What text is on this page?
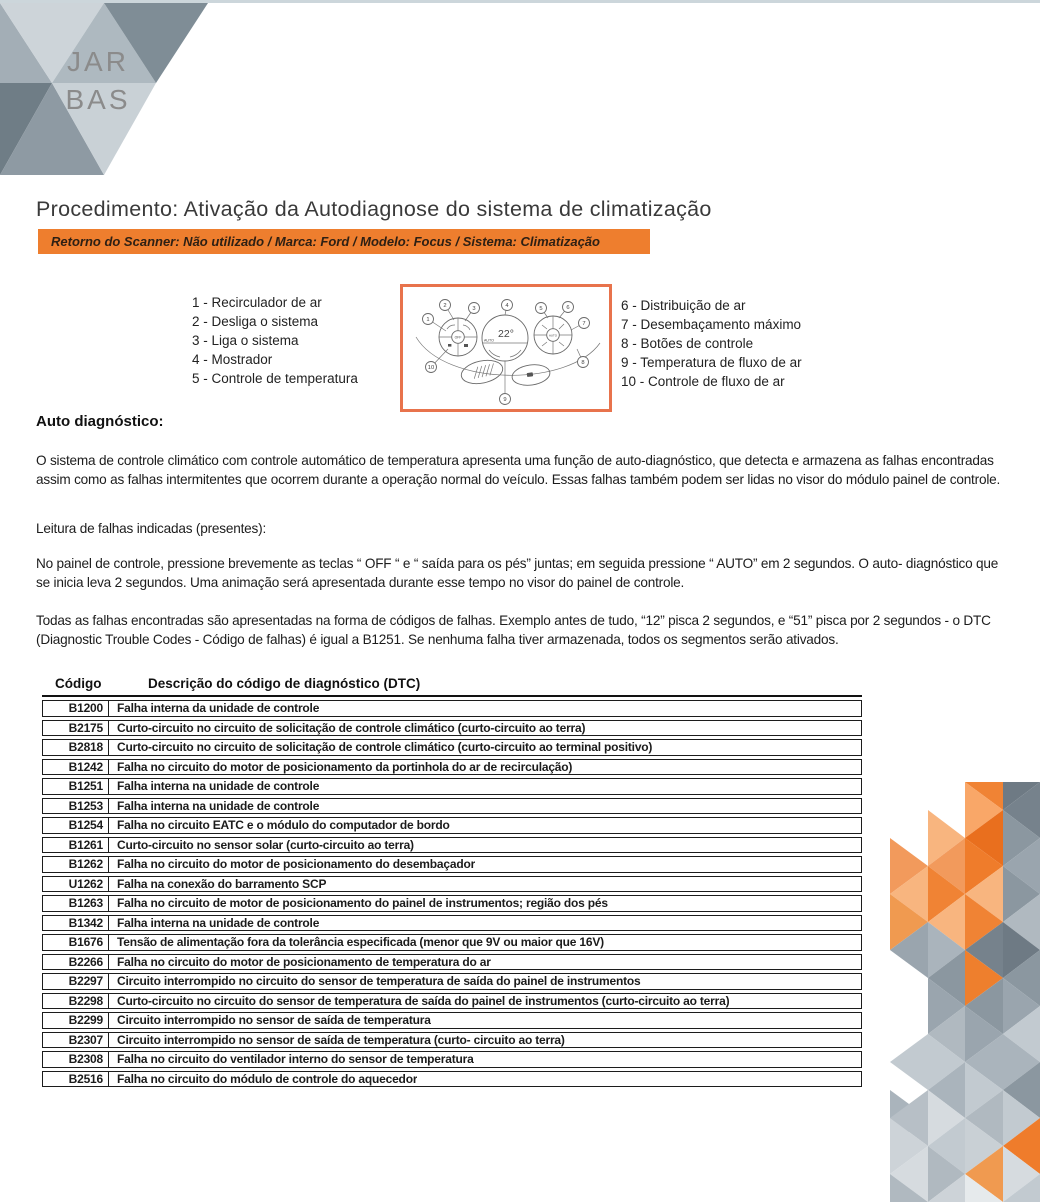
JAR
BAS
Procedimento: Ativação da Autodiagnose do sistema de climatização
Retorno do Scanner: Não utilizado / Marca: Ford / Modelo: Focus / Sistema: Climatização
1 - Recirculador de ar
2 - Desliga o sistema
3 - Liga o sistema
4 - Mostrador
5 - Controle de temperatura
OFF	22°
AUTO
AUTO
1
2	3	4	5	6
7
8
9
10
6 - Distribuição de ar
7 - Desembaçamento máximo
8 - Botões de controle
9 - Temperatura de fluxo de ar
10 - Controle de fluxo de ar
Auto diagnóstico:
O sistema de controle climático com controle automático de temperatura apresenta uma função de auto-diagnóstico, que detecta e armazena as falhas encontradas assim como as falhas intermitentes que ocorrem durante a operação normal do veículo. Essas falhas também podem ser lidas no visor do módulo painel de controle.
Leitura de falhas indicadas (presentes):
No painel de controle, pressione brevemente as teclas “ OFF “ e “ saída para os pés” juntas; em seguida pressione “ AUTO” em 2 segundos. O auto- diagnóstico que se inicia leva 2 segundos. Uma animação será apresentada durante esse tempo no visor do painel de controle.
Todas as falhas encontradas são apresentadas na forma de códigos de falhas. Exemplo antes de tudo, “12” pisca 2 segundos, e “51” pisca por 2 segundos - o DTC (Diagnostic Trouble Codes - Código de falhas) é igual a B1251. Se nenhuma falha tiver armazenada, todos os segmentos serão ativados.
Código	Descrição do código de diagnóstico (DTC)
B1200	Falha interna da unidade de controle
B2175	Curto-circuito no circuito de solicitação de controle climático (curto-circuito ao terra)
B2818	Curto-circuito no circuito de solicitação de controle climático (curto-circuito ao terminal positivo)
B1242	Falha no circuito do motor de posicionamento da portinhola do ar de recirculação)
B1251	Falha interna na unidade de controle
B1253	Falha interna na unidade de controle
B1254	Falha no circuito EATC e o módulo do computador de bordo
B1261	Curto-circuito no sensor solar (curto-circuito ao terra)
B1262	Falha no circuito do motor de posicionamento do desembaçador
U1262	Falha na conexão do barramento SCP
B1263	Falha no circuito de motor de posicionamento do painel de instrumentos; região dos pés
B1342	Falha interna na unidade de controle
B1676	Tensão de alimentação fora da tolerância especificada (menor que 9V ou maior que 16V)
B2266	Falha no circuito do motor de posicionamento de temperatura do ar
B2297	Circuito interrompido no circuito do sensor de temperatura de saída do painel de instrumentos
B2298	Curto-circuito no circuito do sensor de temperatura de saída do painel de instrumentos (curto-circuito ao terra)
B2299	Circuito interrompido no sensor de saída de temperatura
B2307	Circuito interrompido no sensor de saída de temperatura (curto- circuito ao terra)
B2308	Falha no circuito do ventilador interno do sensor de temperatura
B2516	Falha no circuito do módulo de controle do aquecedor
